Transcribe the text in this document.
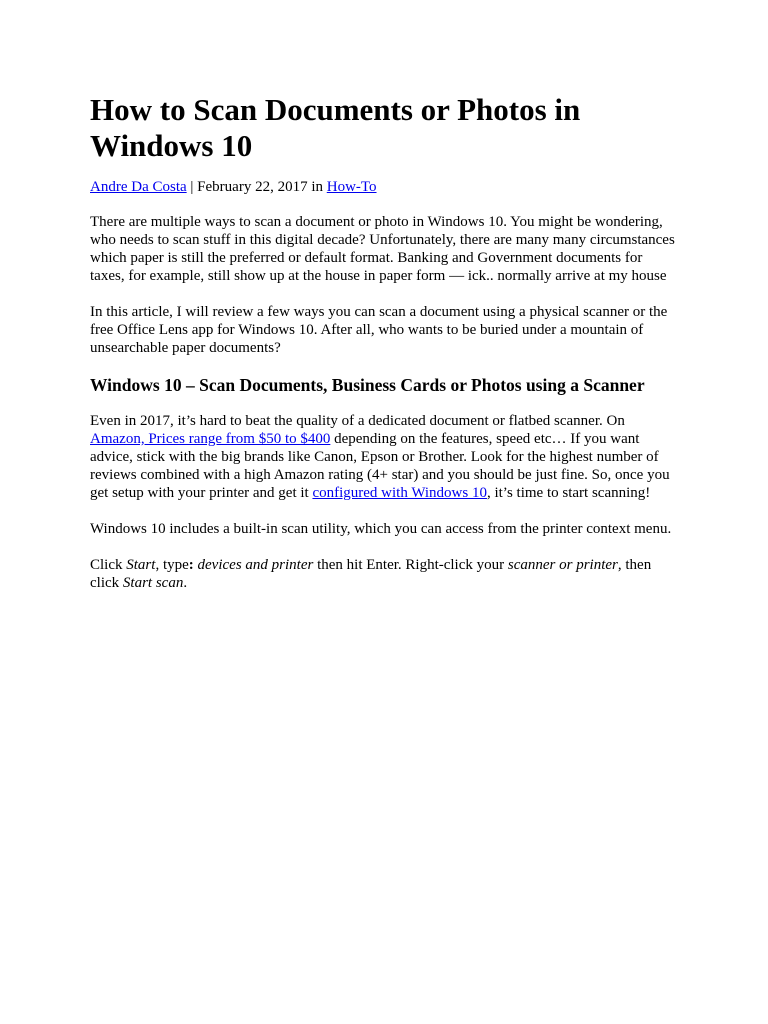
How to Scan Documents or Photos in Windows 10
Andre Da Costa | February 22, 2017 in How-To

There are multiple ways to scan a document or photo in Windows 10. You might be wondering, who needs to scan stuff in this digital decade? Unfortunately, there are many many circumstances which paper is still the preferred or default format. Banking and Government documents for taxes, for example, still show up at the house in paper form — ick.. normally arrive at my house

In this article, I will review a few ways you can scan a document using a physical scanner or the free Office Lens app for Windows 10. After all, who wants to be buried under a mountain of unsearchable paper documents?

Windows 10 – Scan Documents, Business Cards or Photos using a Scanner

Even in 2017, it’s hard to beat the quality of a dedicated document or flatbed scanner. On Amazon, Prices range from $50 to $400 depending on the features, speed etc… If you want advice, stick with the big brands like Canon, Epson or Brother. Look for the highest number of reviews combined with a high Amazon rating (4+ star) and you should be just fine. So, once you get setup with your printer and get it configured with Windows 10, it’s time to start scanning!

Windows 10 includes a built-in scan utility, which you can access from the printer context menu.

Click Start, type: devices and printer then hit Enter. Right-click your scanner or printer, then click Start scan.
